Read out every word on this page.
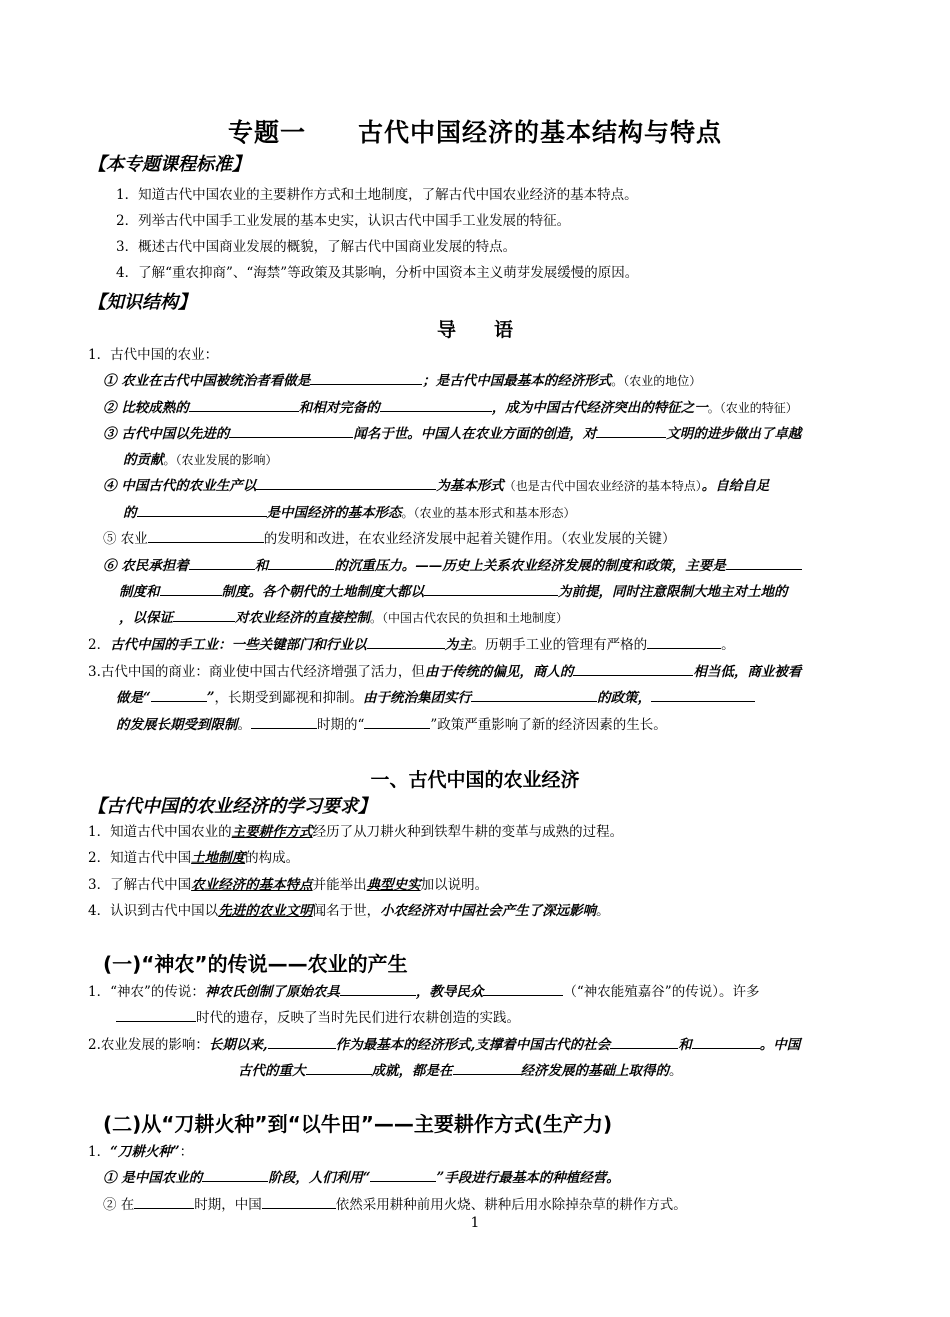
专题一　　古代中国经济的基本结构与特点
【本专题课程标准】
1．知道古代中国农业的主要耕作方式和土地制度，了解古代中国农业经济的基本特点。
2．列举古代中国手工业发展的基本史实，认识古代中国手工业发展的特征。
3．概述古代中国商业发展的概貌，了解古代中国商业发展的特点。
4．了解“重农抑商”、“海禁”等政策及其影响，分析中国资本主义萌芽发展缓慢的原因。
【知识结构】
导　　语
1．古代中国的农业：
① 农业在古代中国被统治者看做是	；是古代中国最基本的经济形式。（农业的地位）
② 比较成熟的	和相对完备的	，成为中国古代经济突出的特征之一。（农业的特征）
③ 古代中国以先进的	闻名于世。中国人在农业方面的创造，对	文明的进步做出了卓越
的贡献。（农业发展的影响）
④ 中国古代的农业生产以	为基本形式（也是古代中国农业经济的基本特点）。自给自足
的	是中国经济的基本形态。（农业的基本形式和基本形态）
⑤ 农业	的发明和改进，在农业经济发展中起着关键作用。（农业发展的关键）
⑥ 农民承担着	和	的沉重压力。——历史上关系农业经济发展的制度和政策，主要是
制度和	制度。各个朝代的土地制度大都以	为前提，同时注意限制大地主对土地的
，以保证	对农业经济的直接控制。（中国古代农民的负担和土地制度）
2．古代中国的手工业：一些关键部门和行业以	为主。历朝手工业的管理有严格的	。
3.古代中国的商业：商业使中国古代经济增强了活力，但由于传统的偏见，商人的	相当低，商业被看
做是“	”，长期受到鄙视和抑制。由于统治集团实行	的政策，
的发展长期受到限制。	时期的“	”政策严重影响了新的经济因素的生长。
一、古代中国的农业经济
【古代中国的农业经济的学习要求】
1．知道古代中国农业的主要耕作方式经历了从刀耕火种到铁犁牛耕的变革与成熟的过程。
2．知道古代中国土地制度的构成。
3．了解古代中国农业经济的基本特点并能举出典型史实加以说明。
4．认识到古代中国以先进的农业文明闻名于世，小农经济对中国社会产生了深远影响。
(一)“神农”的传说——农业的产生
1．“神农”的传说：神农氏创制了原始农具	，教导民众	（“神农能殖嘉谷”的传说）。许多
时代的遗存，反映了当时先民们进行农耕创造的实践。
2.农业发展的影响：长期以来,	作为最基本的经济形式,支撑着中国古代的社会	和	。中国
古代的重大	成就，都是在	经济发展的基础上取得的。
(二)从“刀耕火种”到“以牛田”——主要耕作方式(生产力)
1．“刀耕火种”：
① 是中国农业的	阶段，人们利用“	”手段进行最基本的种植经营。
② 在	时期，中国	依然采用耕种前用火烧、耕种后用水除掉杂草的耕作方式。
1
